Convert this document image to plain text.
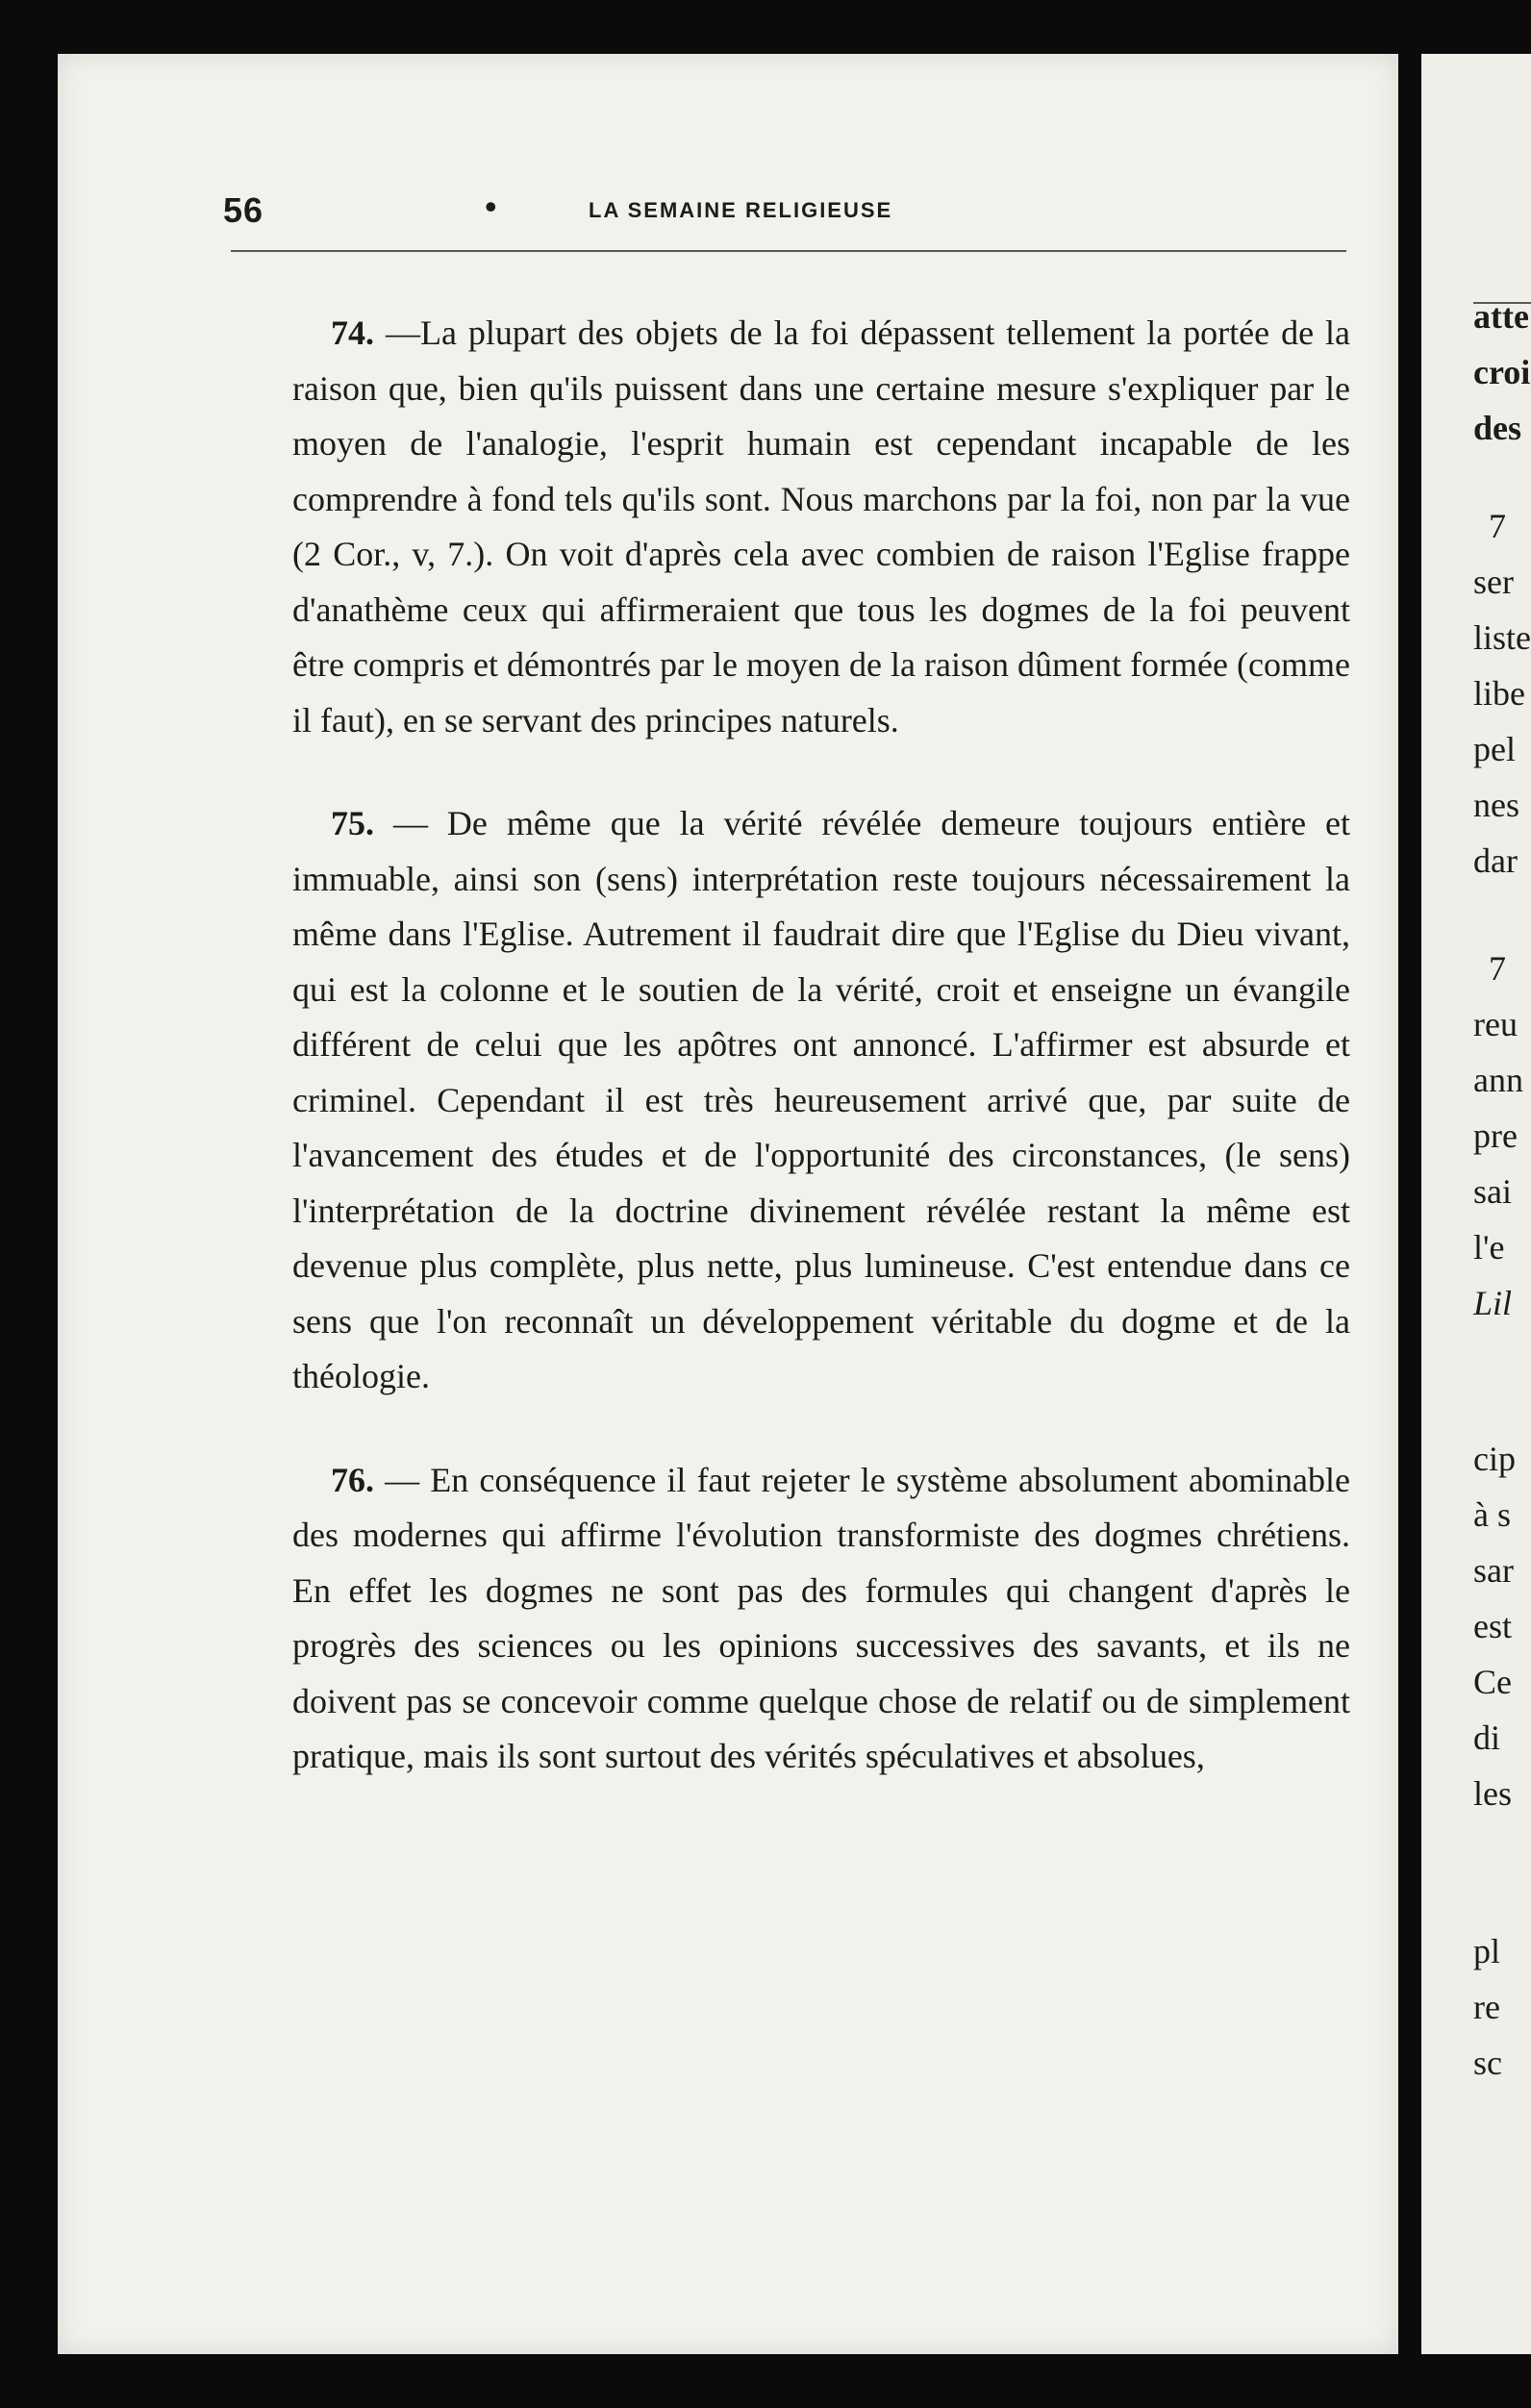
56	•	LA SEMAINE RELIGIEUSE

74. —La plupart des objets de la foi dépassent tellement la portée de la raison que, bien qu'ils puissent dans une certaine mesure s'expliquer par le moyen de l'analogie, l'esprit humain est cependant incapable de les comprendre à fond tels qu'ils sont. Nous marchons par la foi, non par la vue (2 Cor., v, 7.). On voit d'après cela avec combien de raison l'Eglise frappe d'anathème ceux qui affirmeraient que tous les dogmes de la foi peuvent être compris et démontrés par le moyen de la raison dûment formée (comme il faut), en se servant des principes naturels.

75. — De même que la vérité révélée demeure toujours entière et immuable, ainsi son (sens) interprétation reste toujours nécessairement la même dans l'Eglise. Autrement il faudrait dire que l'Eglise du Dieu vivant, qui est la colonne et le soutien de la vérité, croit et enseigne un évangile différent de celui que les apôtres ont annoncé. L'affirmer est absurde et criminel. Cependant il est très heureusement arrivé que, par suite de l'avancement des études et de l'opportunité des circonstances, (le sens) l'interprétation de la doctrine divinement révélée restant la même est devenue plus complète, plus nette, plus lumineuse. C'est entendue dans ce sens que l'on reconnaît un développement véritable du dogme et de la théologie.

76. — En conséquence il faut rejeter le système absolument abominable des modernes qui affirme l'évolution transformiste des dogmes chrétiens. En effet les dogmes ne sont pas des formules qui changent d'après le progrès des sciences ou les opinions successives des savants, et ils ne doivent pas se concevoir comme quelque chose de relatif ou de simplement pratique, mais ils sont surtout des vérités spéculatives et absolues,

atte
croi
des
7
ser
liste
libe
pel
nes
dar
7
reu
ann
pre
sai
l'e
Lil
cip
à s
sar
est
Ce
di
les
pl
re
sc
